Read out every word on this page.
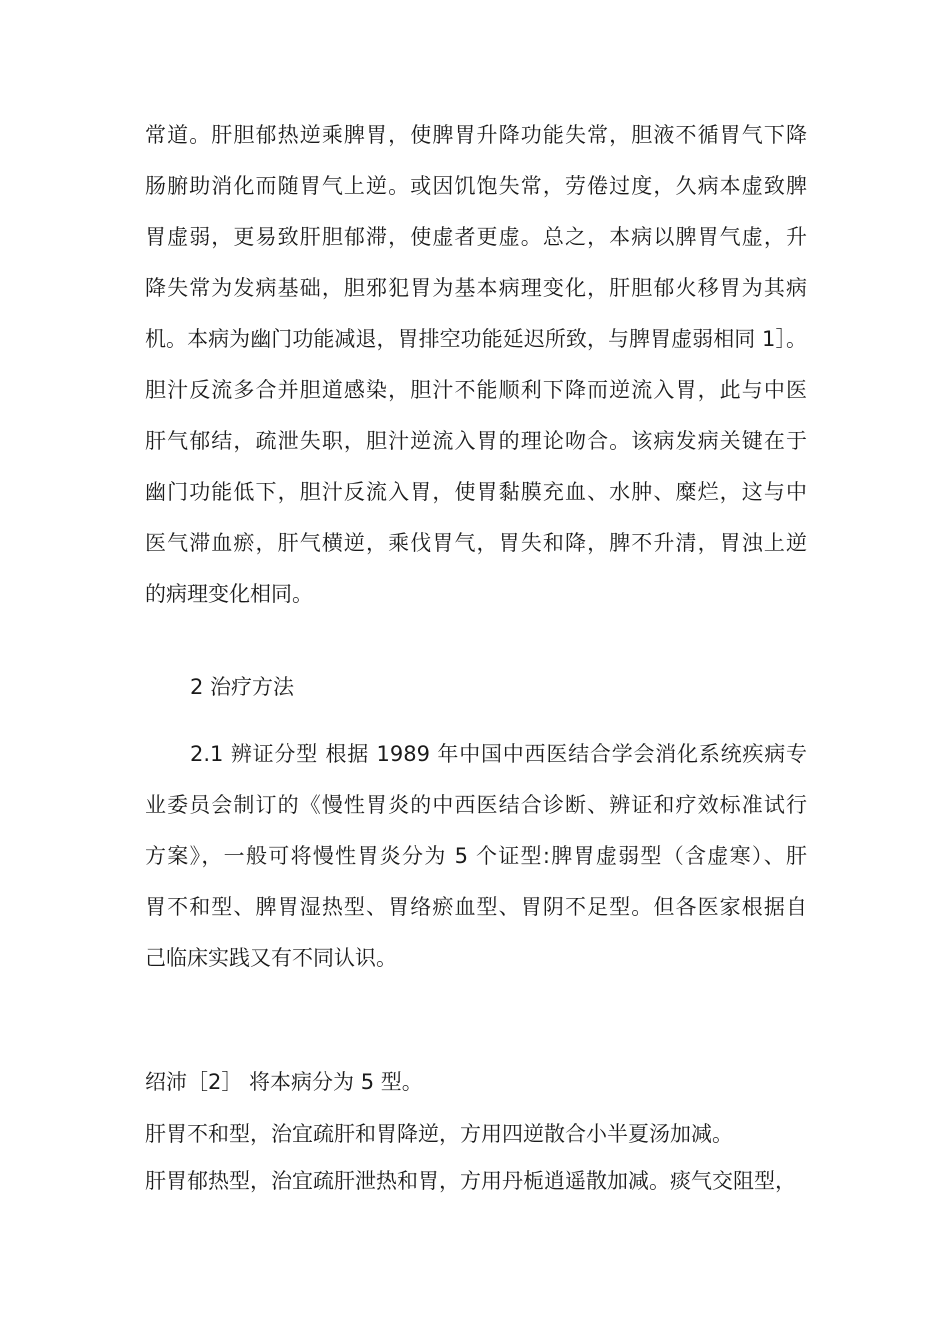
常道。肝胆郁热逆乘脾胃，使脾胃升降功能失常，胆液不循胃气下降
肠腑助消化而随胃气上逆。或因饥饱失常，劳倦过度，久病本虚致脾
胃虚弱，更易致肝胆郁滞，使虚者更虚。总之，本病以脾胃气虚，升
降失常为发病基础，胆邪犯胃为基本病理变化，肝胆郁火移胃为其病
机。本病为幽门功能减退，胃排空功能延迟所致，与脾胃虚弱相同 1］。
胆汁反流多合并胆道感染，胆汁不能顺利下降而逆流入胃，此与中医
肝气郁结，疏泄失职，胆汁逆流入胃的理论吻合。该病发病关键在于
幽门功能低下，胆汁反流入胃，使胃黏膜充血、水肿、糜烂，这与中
医气滞血瘀，肝气横逆，乘伐胃气，胃失和降，脾不升清，胃浊上逆
的病理变化相同。
2 治疗方法
2.1 辨证分型 根据 1989 年中国中西医结合学会消化系统疾病专
业委员会制订的《慢性胃炎的中西医结合诊断、辨证和疗效标准试行
方案》，一般可将慢性胃炎分为 5 个证型:脾胃虚弱型（含虚寒）、肝
胃不和型、脾胃湿热型、胃络瘀血型、胃阴不足型。但各医家根据自
己临床实践又有不同认识。
绍沛［2］ 将本病分为 5 型。
肝胃不和型，治宜疏肝和胃降逆，方用四逆散合小半夏汤加减。
肝胃郁热型，治宜疏肝泄热和胃，方用丹栀逍遥散加减。痰气交阻型，
